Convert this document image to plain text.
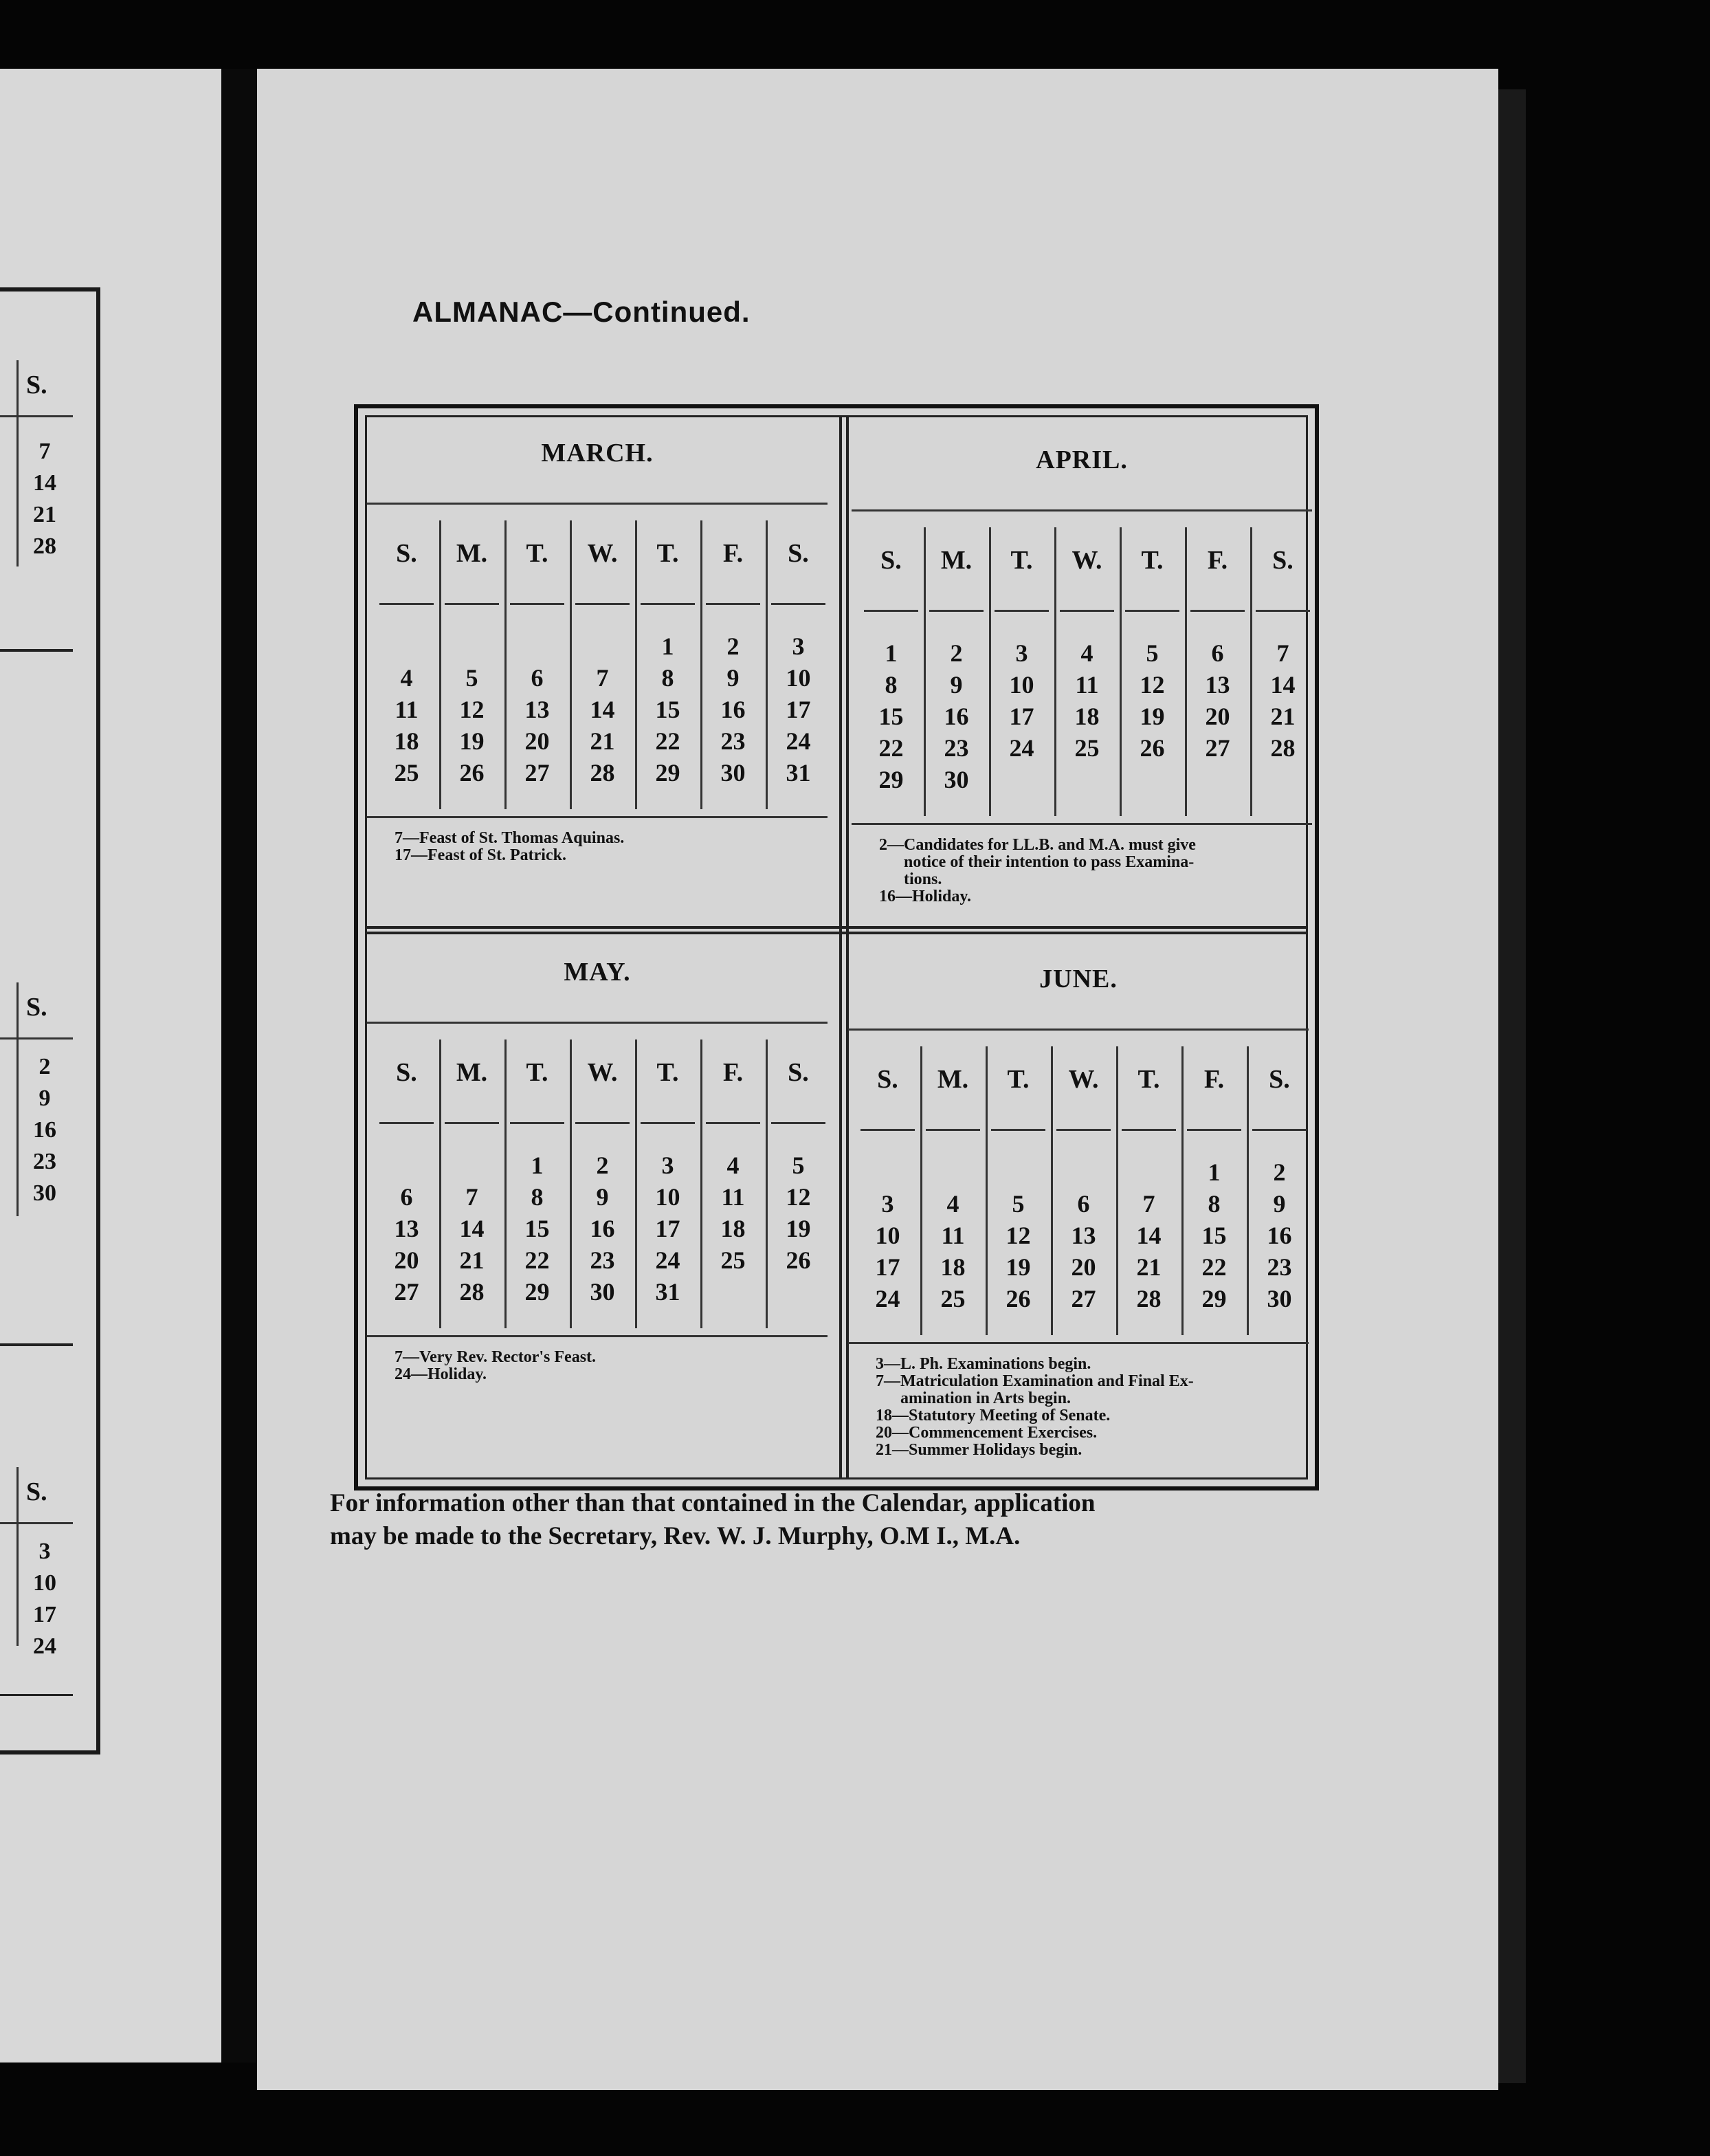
S.
7
14
21
28
S.
2
9
16
23
30
S.
3
10
17
24
ALMANAC—Continued.
MARCH.
S.

4
11
18
25
M.

5
12
19
26
T.

6
13
20
27
W.

7
14
21
28
T.
1
8
15
22
29
F.
2
9
16
23
30
S.
3
10
17
24
31
7—Feast of St. Thomas Aquinas.
17—Feast of St. Patrick.
APRIL.
S.
1
8
15
22
29
M.
2
9
16
23
30
T.
3
10
17
24
W.
4
11
18
25
T.
5
12
19
26
F.
6
13
20
27
S.
7
14
21
28
2—Candidates for LL.B. and M.A. must give
notice of their intention to pass Examina-
tions.
16—Holiday.
MAY.
S.

6
13
20
27
M.

7
14
21
28
T.
1
8
15
22
29
W.
2
9
16
23
30
T.
3
10
17
24
31
F.
4
11
18
25
S.
5
12
19
26
7—Very Rev. Rector's Feast.
24—Holiday.
JUNE.
S.

3
10
17
24
M.

4
11
18
25
T.

5
12
19
26
W.

6
13
20
27
T.

7
14
21
28
F.
1
8
15
22
29
S.
2
9
16
23
30
3—L. Ph. Examinations begin.
7—Matriculation Examination and Final Ex-
amination in Arts begin.
18—Statutory Meeting of Senate.
20—Commencement Exercises.
21—Summer Holidays begin.
For information other than that contained in the Calendar, application
may be made to the Secretary, Rev. W. J. Murphy, O.M I., M.A.
